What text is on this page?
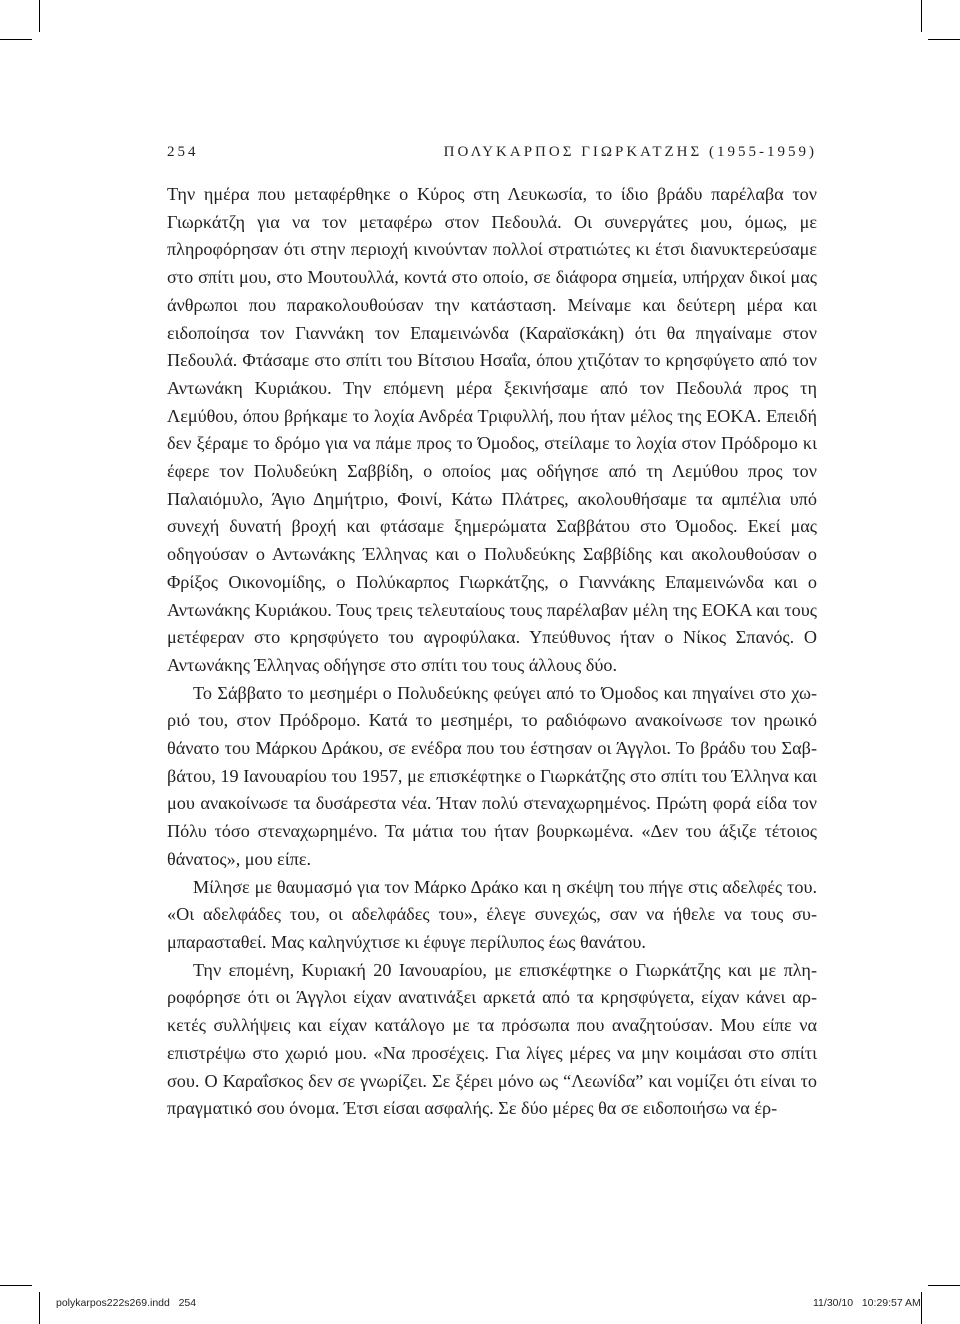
254	ΠΟΛΥΚΑΡΠΟΣ ΓΙΩΡΚΑΤΖΗΣ (1955-1959)

Την ημέρα που μεταφέρθηκε ο Κύρος στη Λευκωσία, το ίδιο βράδυ παρέλαβα τον Γιωρκάτζη για να τον μεταφέρω στον Πεδουλά. Οι συνεργάτες μου, όμως, με πληροφόρησαν ότι στην περιοχή κινούνταν πολλοί στρατιώτες κι έτσι διανυκτερεύσαμε στο σπίτι μου, στο Μουτουλλά, κοντά στο οποίο, σε διάφορα σημεία, υπήρχαν δικοί μας άνθρωποι που παρακολουθούσαν την κατάσταση. Μείναμε και δεύτερη μέρα και ειδοποίησα τον Γιαννάκη τον Επαμεινώνδα (Καραϊσκάκη) ότι θα πηγαίναμε στον Πεδουλά. Φτάσαμε στο σπίτι του Βίτσιου Ησαΐα, όπου χτιζόταν το κρησφύγετο από τον Αντωνάκη Κυριάκου. Την επόμενη μέρα ξεκινήσαμε από τον Πεδουλά προς τη Λεμύθου, όπου βρήκαμε το λοχία Ανδρέα Τριφυλλή, που ήταν μέλος της ΕΟΚΑ. Επειδή δεν ξέραμε το δρόμο για να πάμε προς το Όμοδος, στείλαμε το λοχία στον Πρόδρομο κι έφερε τον Πολυδεύκη Σαββίδη, ο οποίος μας οδήγησε από τη Λεμύθου προς τον Παλαιόμυλο, Άγιο Δημήτριο, Φοινί, Κάτω Πλάτρες, ακολουθήσαμε τα αμπέλια υπό συνεχή δυνατή βροχή και φτάσαμε ξημερώματα Σαββάτου στο Όμοδος. Εκεί μας οδηγούσαν ο Αντωνάκης Έλληνας και ο Πολυδεύκης Σαββίδης και ακολουθούσαν ο Φρίξος Οικονομίδης, ο Πολύκαρπος Γιωρκάτζης, ο Γιαννάκης Επαμεινώνδα και ο Αντωνάκης Κυριάκου. Τους τρεις τελευταίους τους παρέλαβαν μέλη της ΕΟΚΑ και τους μετέφεραν στο κρησφύγετο του αγροφύλακα. Υπεύθυνος ήταν ο Νίκος Σπανός. Ο Αντωνάκης Έλληνας οδήγησε στο σπίτι του τους άλλους δύο.

Το Σάββατο το μεσημέρι ο Πολυδεύκης φεύγει από το Όμοδος και πηγαίνει στο χωριό του, στον Πρόδρομο. Κατά το μεσημέρι, το ραδιόφωνο ανακοίνωσε τον ηρωικό θάνατο του Μάρκου Δράκου, σε ενέδρα που του έστησαν οι Άγγλοι. Το βράδυ του Σαββάτου, 19 Ιανουαρίου του 1957, με επισκέφτηκε ο Γιωρκάτζης στο σπίτι του Έλληνα και μου ανακοίνωσε τα δυσάρεστα νέα. Ήταν πολύ στεναχωρημένος. Πρώτη φορά είδα τον Πόλυ τόσο στεναχωρημένο. Τα μάτια του ήταν βουρκωμένα. «Δεν του άξιζε τέτοιος θάνατος», μου είπε.

Μίλησε με θαυμασμό για τον Μάρκο Δράκο και η σκέψη του πήγε στις αδελφές του. «Οι αδελφάδες του, οι αδελφάδες του», έλεγε συνεχώς, σαν να ήθελε να τους συμπαρασταθεί. Μας καληνύχτισε κι έφυγε περίλυπος έως θανάτου.

Την επομένη, Κυριακή 20 Ιανουαρίου, με επισκέφτηκε ο Γιωρκάτζης και με πληροφόρησε ότι οι Άγγλοι είχαν ανατινάξει αρκετά από τα κρησφύγετα, είχαν κάνει αρκετές συλλήψεις και είχαν κατάλογο με τα πρόσωπα που αναζητούσαν. Μου είπε να επιστρέψω στο χωριό μου. «Να προσέχεις. Για λίγες μέρες να μην κοιμάσαι στο σπίτι σου. Ο Καραΐσκος δεν σε γνωρίζει. Σε ξέρει μόνο ως “Λεωνίδα” και νομίζει ότι είναι το πραγματικό σου όνομα. Έτσι είσαι ασφαλής. Σε δύο μέρες θα σε ειδοποιήσω να έρ-

polykarpos222s269.indd   254	11/30/10   10:29:57 AM
